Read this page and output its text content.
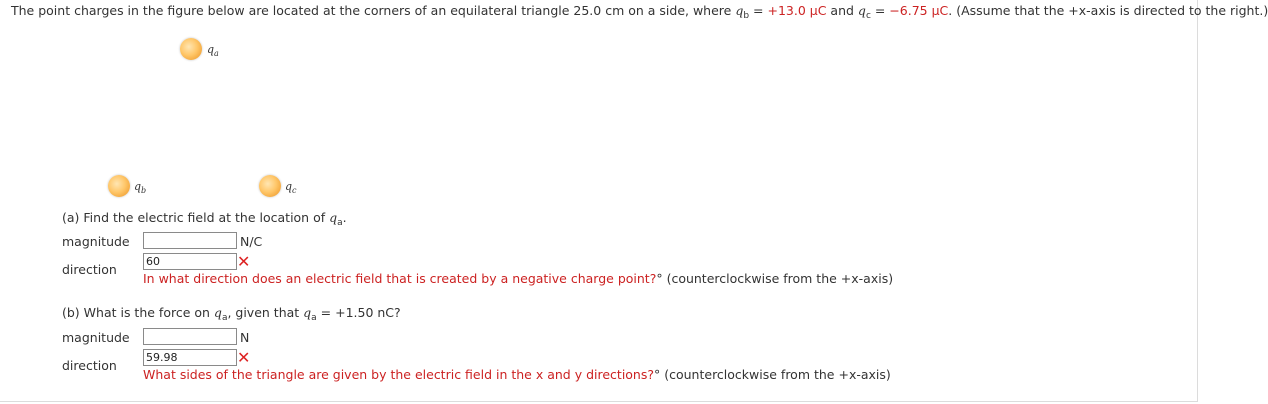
The point charges in the figure below are located at the corners of an equilateral triangle 25.0 cm on a side, where $q_b = +13.0$ μC and $q_c = -6.75$ μC. (Assume that the +x-axis is directed to the right.)
$q_a$
$q_b$	$q_c$
(a) Find the electric field at the location of $q_a$.
magnitude	N/C
direction
60	✕
In what direction does an electric field that is created by a negative charge point?° (counterclockwise from the +x-axis)
(b) What is the force on $q_a$, given that $q_a = +1.50$ nC?
magnitude	N
direction
59.98	✕
What sides of the triangle are given by the electric field in the x and y directions?° (counterclockwise from the +x-axis)
